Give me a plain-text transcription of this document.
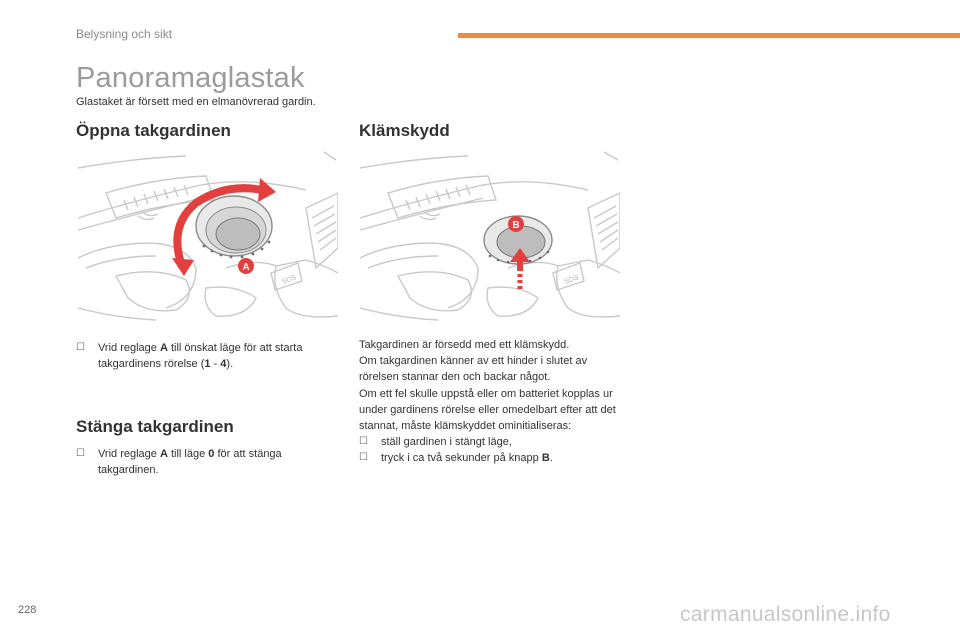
Belysning och sikt
Panoramaglastak
Glastaket är försett med en elmanövrerad gardin.
Öppna takgardinen	Klämskydd
SOS
A
SOS
B
☐	Vrid reglage A till önskat läge för att starta takgardinens rörelse (1 - 4).
Stänga takgardinen
☐	Vrid reglage A till läge 0 för att stänga takgardinen.

Takgardinen är försedd med ett klämskydd.

Om takgardinen känner av ett hinder i slutet av rörelsen stannar den och backar något.

Om ett fel skulle uppstå eller om batteriet kopplas ur under gardinens rörelse eller omedelbart efter att det stannat, måste klämskyddet ominitialiseras:

☐ ställ gardinen i stängt läge,
☐ tryck i ca två sekunder på knapp B.
228	carmanualsonline.info
